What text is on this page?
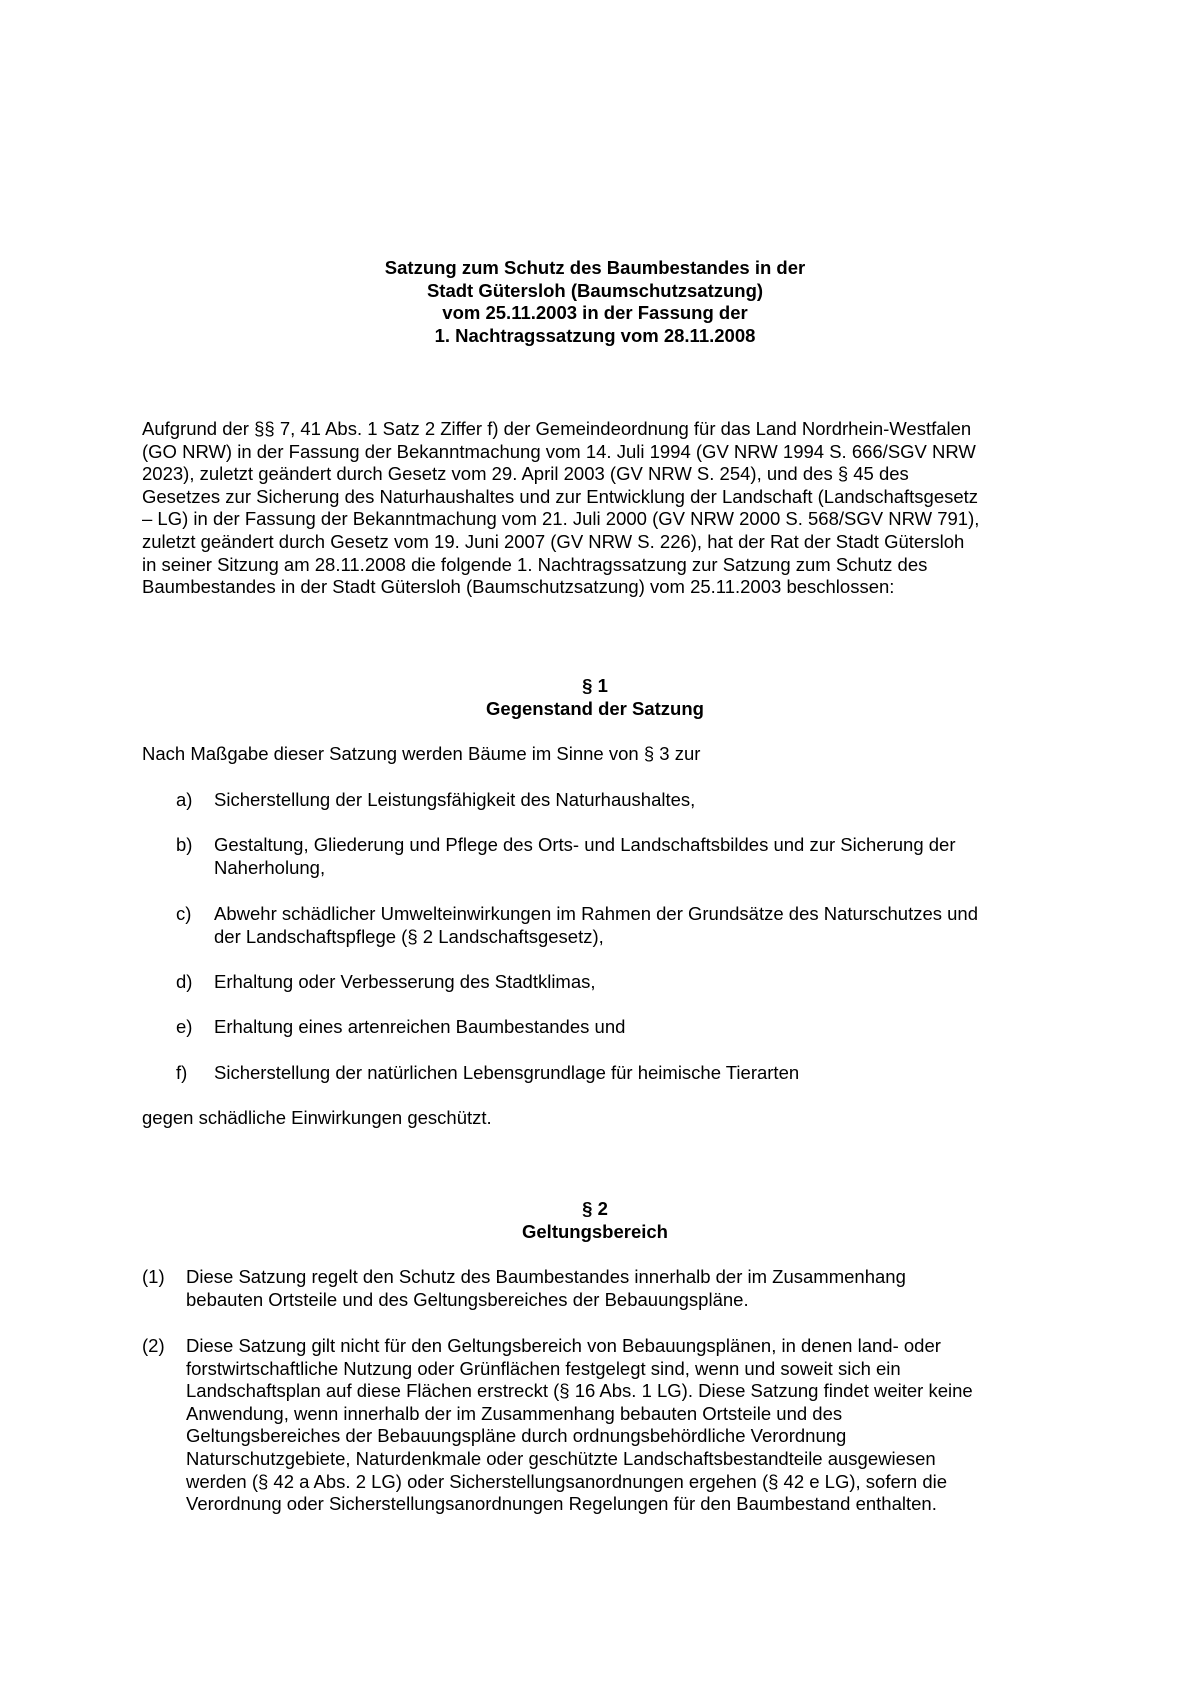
Satzung zum Schutz des Baumbestandes in der
Stadt Gütersloh (Baumschutzsatzung)
vom 25.11.2003 in der Fassung der
1. Nachtragssatzung vom 28.11.2008
Aufgrund der §§ 7, 41 Abs. 1 Satz 2 Ziffer f) der Gemeindeordnung für das Land Nordrhein-Westfalen
(GO NRW) in der Fassung der Bekanntmachung vom 14. Juli 1994 (GV NRW 1994 S. 666/SGV NRW
2023), zuletzt geändert durch Gesetz vom 29. April 2003 (GV NRW S. 254), und des § 45 des
Gesetzes zur Sicherung des Naturhaushaltes und zur Entwicklung der Landschaft (Landschaftsgesetz
– LG) in der Fassung der Bekanntmachung vom 21. Juli 2000 (GV NRW 2000 S. 568/SGV NRW 791),
zuletzt geändert durch Gesetz vom 19. Juni 2007 (GV NRW S. 226), hat der Rat der Stadt Gütersloh
in seiner Sitzung am 28.11.2008 die folgende 1. Nachtragssatzung zur Satzung zum Schutz des
Baumbestandes in der Stadt Gütersloh (Baumschutzsatzung) vom 25.11.2003 beschlossen:
§ 1
Gegenstand der Satzung
Nach Maßgabe dieser Satzung werden Bäume im Sinne von § 3 zur
a)	Sicherstellung der Leistungsfähigkeit des Naturhaushaltes,
b)	Gestaltung, Gliederung und Pflege des Orts- und Landschaftsbildes und zur Sicherung der
Naherholung,
c)	Abwehr schädlicher Umwelteinwirkungen im Rahmen der Grundsätze des Naturschutzes und
der Landschaftspflege (§ 2 Landschaftsgesetz),
d)	Erhaltung oder Verbesserung des Stadtklimas,
e)	Erhaltung eines artenreichen Baumbestandes und
f)	Sicherstellung der natürlichen Lebensgrundlage für heimische Tierarten
gegen schädliche Einwirkungen geschützt.
§ 2
Geltungsbereich
(1)	Diese Satzung regelt den Schutz des Baumbestandes innerhalb der im Zusammenhang
bebauten Ortsteile und des Geltungsbereiches der Bebauungspläne.
(2)	Diese Satzung gilt nicht für den Geltungsbereich von Bebauungsplänen, in denen land- oder
forstwirtschaftliche Nutzung oder Grünflächen festgelegt sind, wenn und soweit sich ein
Landschaftsplan auf diese Flächen erstreckt (§ 16 Abs. 1 LG). Diese Satzung findet weiter keine
Anwendung, wenn innerhalb der im Zusammenhang bebauten Ortsteile und des
Geltungsbereiches der Bebauungspläne durch ordnungsbehördliche Verordnung
Naturschutzgebiete, Naturdenkmale oder geschützte Landschaftsbestandteile ausgewiesen
werden (§ 42 a Abs. 2 LG) oder Sicherstellungsanordnungen ergehen (§ 42 e LG), sofern die
Verordnung oder Sicherstellungsanordnungen Regelungen für den Baumbestand enthalten.
